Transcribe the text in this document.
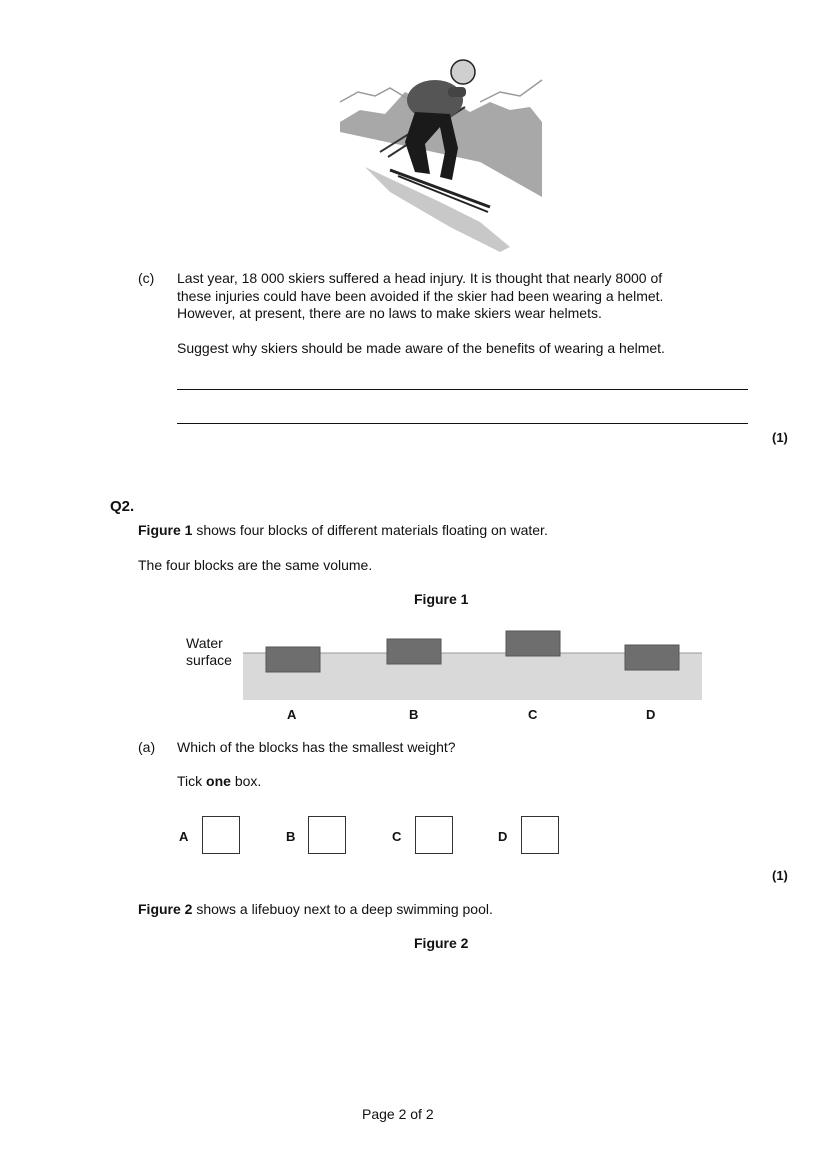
(c) Last year, 18 000 skiers suffered a head injury. It is thought that nearly 8000 of

these injuries could have been avoided if the skier had been wearing a helmet.

However, at present, there are no laws to make skiers wear helmets.

Suggest why skiers should be made aware of the benefits of wearing a helmet.
(1)
Q2.
Figure 1 shows four blocks of different materials floating on water.
The four blocks are the same volume.
Figure 1
Water
surface
A	B	C	D
(a) Which of the blocks has the smallest weight?
Tick one box.
A	B	C	D
(1)
Figure 2 shows a lifebuoy next to a deep swimming pool.
Figure 2
Page 2 of 2
